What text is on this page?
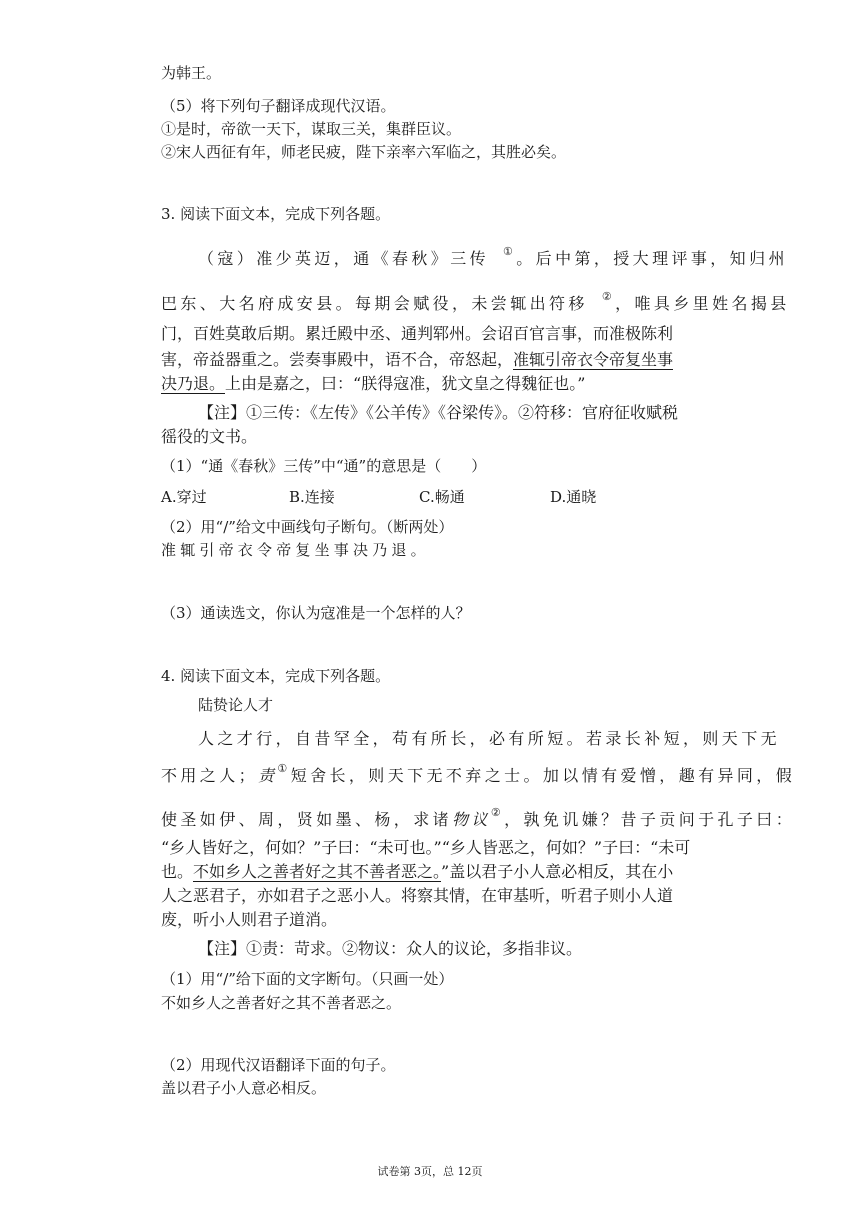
为韩王。
（5）将下列句子翻译成现代汉语。
①是时，帝欲一天下，谋取三关，集群臣议。
②宋人西征有年，师老民疲，陛下亲率六军临之，其胜必矣。
3. 阅读下面文本，完成下列各题。
（寇）准少英迈，通《春秋》三传 ①。后中第，授大理评事，知归州
巴东、大名府成安县。每期会赋役，未尝辄出符移 ②，唯具乡里姓名揭县
门，百姓莫敢后期。累迁殿中丞、通判郓州。会诏百官言事，而准极陈利
害，帝益器重之。尝奏事殿中，语不合，帝怒起，准辄引帝衣令帝复坐事
决乃退。上由是嘉之，曰：“朕得寇准，犹文皇之得魏征也。”
【注】①三传：《左传》《公羊传》《谷梁传》。②符移：官府征收赋税
徭役的文书。
（1）“通《春秋》三传”中“通”的意思是（　　）
A.穿过	B.连接	C.畅通	D.通晓
（2）用“/”给文中画线句子断句。（断两处）
准辄引帝衣令帝复坐事决乃退。
（3）通读选文，你认为寇准是一个怎样的人？
4. 阅读下面文本，完成下列各题。
陆贽论人才
人之才行，自昔罕全，苟有所长，必有所短。若录长补短，则天下无
不用之人；责①短舍长，则天下无不弃之士。加以情有爱憎，趣有异同，假
使圣如伊、周，贤如墨、杨，求诸物议②，孰免讥嫌？昔子贡问于孔子曰：
“乡人皆好之，何如？”子曰：“未可也。”“乡人皆恶之，何如？”子曰：“未可
也。不如乡人之善者好之其不善者恶之。”盖以君子小人意必相反，其在小
人之恶君子，亦如君子之恶小人。将察其情，在审基听，听君子则小人道
废，听小人则君子道消。
【注】①责：苛求。②物议：众人的议论，多指非议。
（1）用“/”给下面的文字断句。（只画一处）
不如乡人之善者好之其不善者恶之。
（2）用现代汉语翻译下面的句子。
盖以君子小人意必相反。
试卷第 3页，总 12页
